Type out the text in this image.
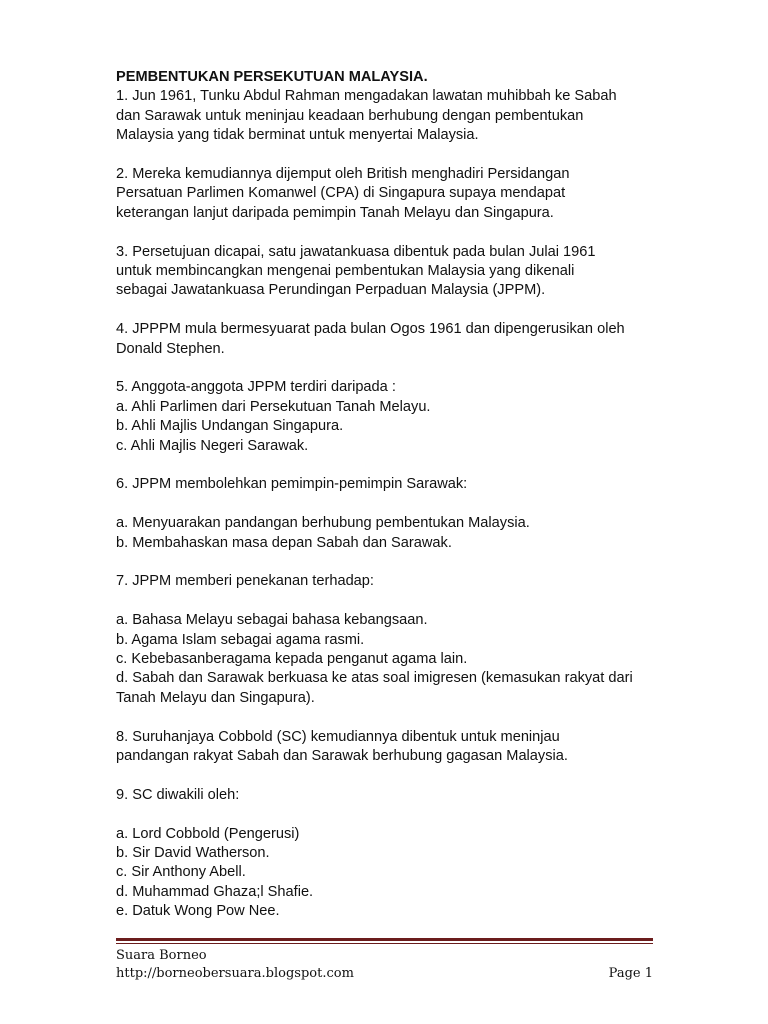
PEMBENTUKAN PERSEKUTUAN MALAYSIA.
1. Jun 1961, Tunku Abdul Rahman mengadakan lawatan muhibbah ke Sabah
dan Sarawak untuk meninjau keadaan berhubung dengan pembentukan
Malaysia yang tidak berminat untuk menyertai Malaysia.
2. Mereka kemudiannya dijemput oleh British menghadiri Persidangan
Persatuan Parlimen Komanwel (CPA) di Singapura supaya mendapat
keterangan lanjut daripada pemimpin Tanah Melayu dan Singapura.
3. Persetujuan dicapai, satu jawatankuasa dibentuk pada bulan Julai 1961
untuk membincangkan mengenai pembentukan Malaysia yang dikenali
sebagai Jawatankuasa Perundingan Perpaduan Malaysia (JPPM).
4. JPPPM mula bermesyuarat pada bulan Ogos 1961 dan dipengerusikan oleh
Donald Stephen.
5. Anggota-anggota JPPM terdiri daripada :
a. Ahli Parlimen dari Persekutuan Tanah Melayu.
b. Ahli Majlis Undangan Singapura.
c. Ahli Majlis Negeri Sarawak.
6. JPPM membolehkan pemimpin-pemimpin Sarawak:
a. Menyuarakan pandangan berhubung pembentukan Malaysia.
b. Membahaskan masa depan Sabah dan Sarawak.
7. JPPM memberi penekanan terhadap:
a. Bahasa Melayu sebagai bahasa kebangsaan.
b. Agama Islam sebagai agama rasmi.
c. Kebebasanberagama kepada penganut agama lain.
d. Sabah dan Sarawak berkuasa ke atas soal imigresen (kemasukan rakyat dari
Tanah Melayu dan Singapura).
8. Suruhanjaya Cobbold (SC) kemudiannya dibentuk untuk meninjau
pandangan rakyat Sabah dan Sarawak berhubung gagasan Malaysia.
9. SC diwakili oleh:
a. Lord Cobbold (Pengerusi)
b. Sir David Watherson.
c. Sir Anthony Abell.
d. Muhammad Ghaza;l Shafie.
e. Datuk Wong Pow Nee.
Suara Borneo
http://borneobersuara.blogspot.com	Page 1
